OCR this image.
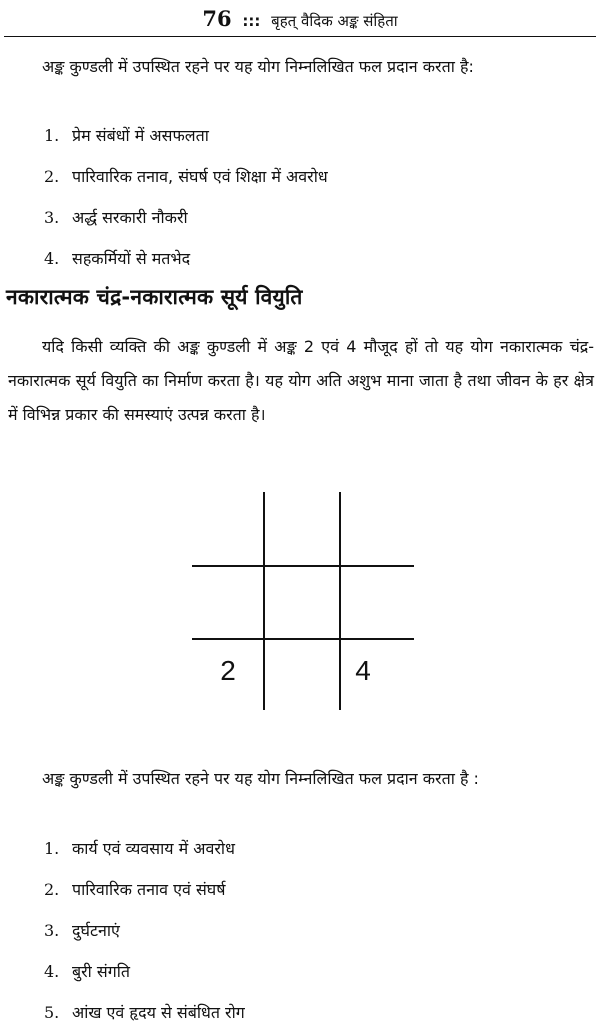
76 ::: बृहत् वैदिक अङ्क संहिता

अङ्क कुण्डली में उपस्थित रहने पर यह योग निम्नलिखित फल प्रदान करता है:

1. प्रेम संबंधों में असफलता
2. पारिवारिक तनाव, संघर्ष एवं शिक्षा में अवरोध
3. अर्द्ध सरकारी नौकरी
4. सहकर्मियों से मतभेद
नकारात्मक चंद्र-नकारात्मक सूर्य वियुति

यदि किसी व्यक्ति की अङ्क कुण्डली में अङ्क 2 एवं 4 मौजूद हों तो यह योग नकारात्मक चंद्र-नकारात्मक सूर्य वियुति का निर्माण करता है। यह योग अति अशुभ माना जाता है तथा जीवन के हर क्षेत्र में विभिन्न प्रकार की समस्याएं उत्पन्न करता है।

2	4

अङ्क कुण्डली में उपस्थित रहने पर यह योग निम्नलिखित फल प्रदान करता है :

1. कार्य एवं व्यवसाय में अवरोध
2. पारिवारिक तनाव एवं संघर्ष
3. दुर्घटनाएं
4. बुरी संगति
5. आंख एवं हृदय से संबंधित रोग
